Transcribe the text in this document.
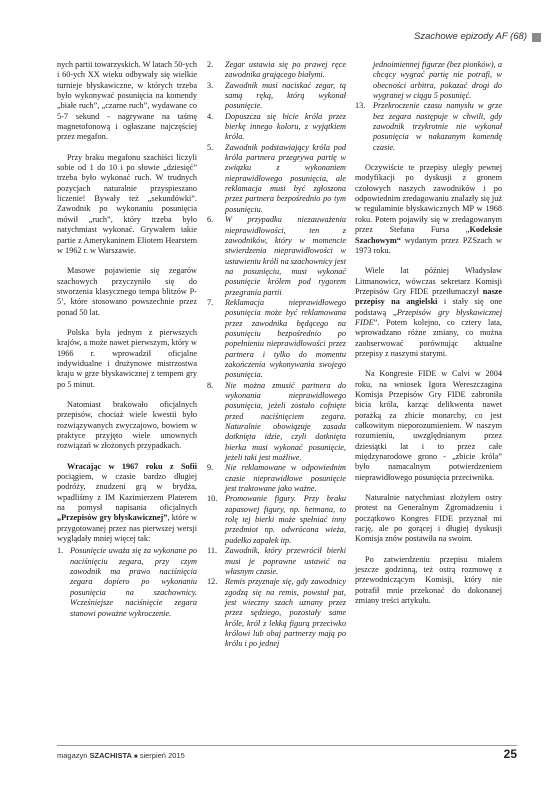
Szachowe epizody AF (68)

nych partii towarzyskich. W latach 50-ych i 60-ych XX wieku odbywały się wielkie turnieje błyskawiczne, w których trzeba było wykonywać posunięcia na komendy „białe ruch”, „czarne ruch”, wydawane co 5-7 sekund - nagrywane na taśmę magnetofonową i ogłaszane najczęściej przez megafon.

Przy braku megafonu szachiści liczyli sobie od 1 do 10 i po słowie „dziesięć” trzeba było wykonać ruch. W trudnych pozycjach naturalnie przyspieszano liczenie! Bywały też „sekundówki”. Zawodnik po wykonaniu posunięcia mówił „ruch”, który trzeba było natychmiast wykonać. Grywałem takie partie z Amerykaninem Eliotem Hearstem w 1962 r. w Warszawie.

Masowe pojawienie się zegarów szachowych przyczyniło się do stworzenia klasycznego tempa blitzów P-5’, które stosowano powszechnie przez ponad 50 lat.

Polska była jednym z pierwszych krajów, a może nawet pierwszym, który w 1966 r. wprowadził oficjalne indywidualne i drużynowe mistrzostwa kraju w grze błyskawicznej z tempem gry po 5 minut.

Natomiast brakowało oficjalnych przepisów, chociaż wiele kwestii było rozwiązywanych zwyczajowo, bowiem w praktyce przyjęto wiele umownych rozwiązań w złożonych przypadkach.

Wracając w 1967 roku z Sofii pociągiem, w czasie bardzo długiej podróży, znudzeni grą w brydża, wpadliśmy z IM Kazimierzem Platerem na pomysł napisania oficjalnych „Przepisów gry błyskawicznej”, które w przygotowanej przez nas pierwszej wersji wyglądały mniej więcej tak:

1. Posunięcie uważa się za wykonane po naciśnięciu zegara, przy czym zawodnik ma prawo naciśnięcia zegara dopiero po wykonaniu posunięcia na szachownicy. Wcześniejsze naciśnięcie zegara stanowi poważne wykroczenie.
2. Zegar ustawia się po prawej ręce zawodnika grającego białymi.
3. Zawodnik musi naciskać zegar, tą samą ręką, którą wykonał posunięcie.
4. Dopuszcza się bicie króla przez bierkę innego koloru, z wyjątkiem króla.
5. Zawodnik podstawiający króla pod króla partnera przegrywa partię w związku z wykonaniem nieprawidłowego posunięcia, ale reklamacja musi być zgłoszona przez partnera bezpośrednio po tym posunięciu.
6. W przypadku niezauważenia nieprawidłowości, ten z zawodników, który w momencie stwierdzenia nieprawidłowości w ustawieniu króli na szachownicy jest na posunięciu, musi wykonać posunięcie królem pod rygorem przegrania partii
7. Reklamacja nieprawidłowego posunięcia może być reklamowana przez zawodnika będącego na posunięciu bezpośrednio po popełnieniu nieprawidłowości przez partnera i tylko do momentu zakończenia wykonywania swojego posunięcia.
8. Nie można zmusić partnera do wykonania nieprawidłowego posunięcia, jeżeli zostało cofnięte przed naciśnięciem zegara. Naturalnie obowiązuje zasada dotknięta idzie, czyli dotknięta bierka musi wykonać posunięcie, jeżeli taki jest możliwe.
9. Nie reklamowane w odpowiednim czasie nieprawidłowe posunięcie jest traktowane jako ważne.
10. Promowanie figury. Przy braku zapasowej figury, np. hetmana, to rolę tej bierki może spełniać inny przedmiot np. odwrócona wieża, pudełko zapałek itp.
11. Zawodnik, który przewrócił bierki musi je poprawne ustawić na własnym czasie.
12. Remis przyznaje się, gdy zawodnicy zgodzą się na remis, powstał pat, jest wieczny szach uznany przez przez sędziego, pozostały same króle, król z lekką figurą przeciwko królowi lub obaj partnerzy mają po królu i po jednej
jednoimiennej figurze (bez pionków), a chcący wygrać partię nie potrafi, w obecności arbitra, pokazać drogi do wygranej w ciągu 5 posunięć.
13. Przekroczenie czasu namysłu w grze bez zegara następuje w chwili, gdy zawodnik trzykrotnie nie wykonał posunięcia w nakazanym komendę czasie.

Oczywiście te przepisy uległy pewnej modyfikacji po dyskusji z gronem czołowych naszych zawodników i po odpowiednim zredagowaniu znalazły się już w regulaminie błyskawicznych MP w 1968 roku. Potem pojawiły się w zredagowanym przez Stefana Fursa „Kodeksie Szachowym“ wydanym przez PZSzach w 1973 roku.

Wiele lat później Władysław Litmanowicz, wówczas sekretarz Komisji Przepisów Gry FIDE przetłumaczył nasze przepisy na angielski i stały się one podstawą „Przepisów gry błyskawicznej FIDE”. Potem kolejno, co cztery lata, wprowadzano różne zmiany, co można zaobserwować porównując aktualne przepisy z naszymi starymi.

Na Kongresie FIDE w Calvi w 2004 roku, na wniosek Igora Wereszczagina Komisja Przepisów Gry FIDE zabroniła bicia króla, karząc delikwenta nawet porażką za zbicie monarchy, co jest całkowitym nieporozumieniem. W naszym rozumieniu, uwzględnianym przez dziesiątki lat i to przez całe międzynarodowe grono - „zbicie króla” było namacalnym potwierdzeniem nieprawidłowego posunięcia przeciwnika.

Naturalnie natychmiast złożyłem ostry protest na Generalnym Zgromadzeniu i początkowo Kongres FIDE przyznał mi rację, ale po gorącej i długiej dyskusji Komisja znów postawiła na swoim.

Po zatwierdzeniu przepisu miałem jeszcze godzinną, też ostrą rozmowę z przewodniczącym Komisji, który nie potrafił mnie przekonać do dokonanej zmiany treści artykułu.

magazyn SZACHISTA ■ sierpień 2015	25
